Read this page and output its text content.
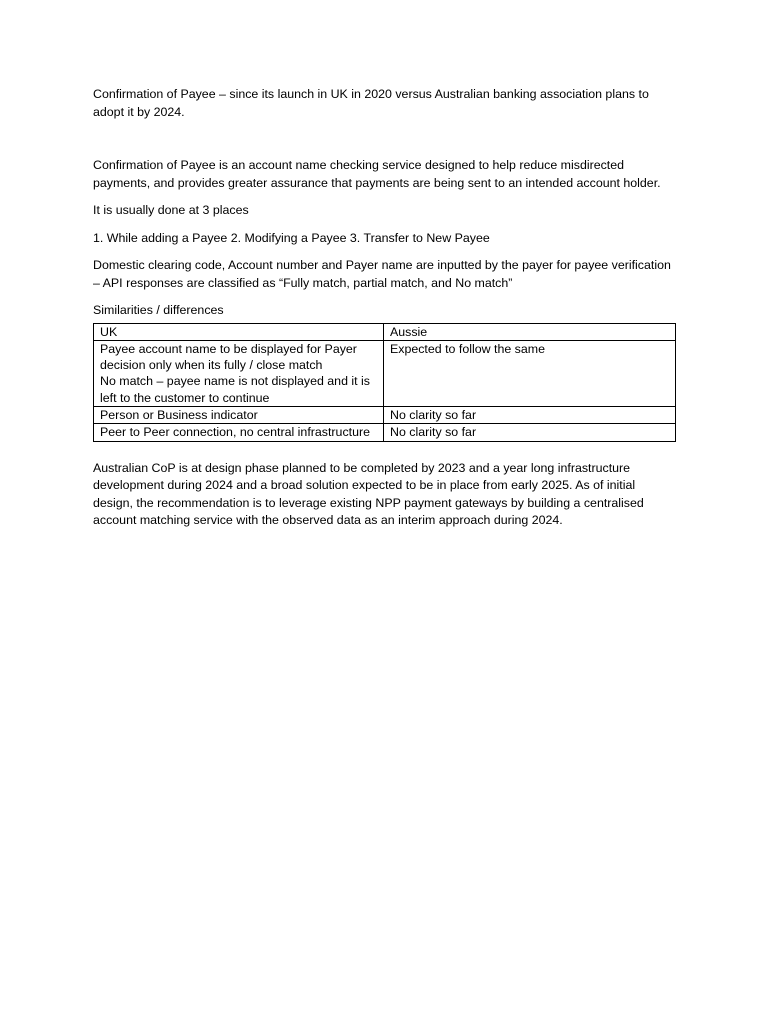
Confirmation of Payee – since its launch in UK in 2020 versus Australian banking association plans to adopt it by 2024.

Confirmation of Payee is an account name checking service designed to help reduce misdirected payments, and provides greater assurance that payments are being sent to an intended account holder.

It is usually done at 3 places

1. While adding a Payee 2. Modifying a Payee 3. Transfer to New Payee

Domestic clearing code, Account number and Payer name are inputted by the payer for payee verification – API responses are classified as “Fully match, partial match, and No match”

Similarities / differences

UK	Aussie

Payee account name to be displayed for Payer decision only when its fully / close match
No match – payee name is not displayed and it is left to the customer to continue	Expected to follow the same
Person or Business indicator	No clarity so far
Peer to Peer connection, no central infrastructure	No clarity so far

Australian CoP is at design phase planned to be completed by 2023 and a year long infrastructure development during 2024 and a broad solution expected to be in place from early 2025. As of initial design, the recommendation is to leverage existing NPP payment gateways by building a centralised account matching service with the observed data as an interim approach during 2024.
